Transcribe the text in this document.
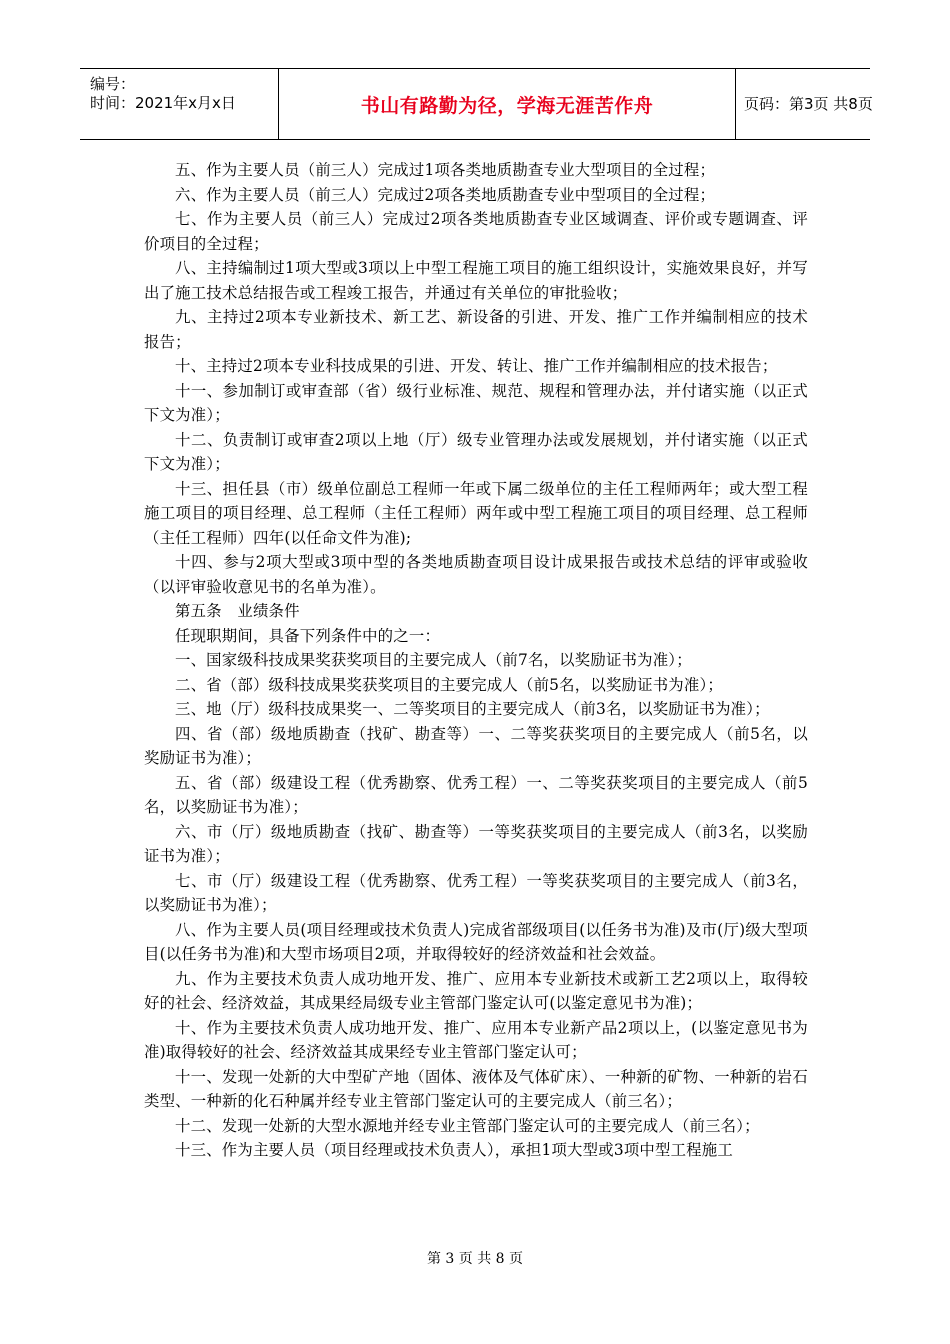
编号：
时间：2021年x月x日	书山有路勤为径，学海无涯苦作舟	页码：第3页 共8页

五、作为主要人员（前三人）完成过1项各类地质勘查专业大型项目的全过程；

六、作为主要人员（前三人）完成过2项各类地质勘查专业中型项目的全过程；

七、作为主要人员（前三人）完成过2项各类地质勘查专业区域调查、评价或专题调查、评价项目的全过程；

八、主持编制过1项大型或3项以上中型工程施工项目的施工组织设计，实施效果良好，并写出了施工技术总结报告或工程竣工报告，并通过有关单位的审批验收；

九、主持过2项本专业新技术、新工艺、新设备的引进、开发、推广工作并编制相应的技术报告；

十、主持过2项本专业科技成果的引进、开发、转让、推广工作并编制相应的技术报告；

十一、参加制订或审查部（省）级行业标准、规范、规程和管理办法，并付诸实施（以正式下文为准）；

十二、负责制订或审查2项以上地（厅）级专业管理办法或发展规划，并付诸实施（以正式下文为准）；

十三、担任县（市）级单位副总工程师一年或下属二级单位的主任工程师两年；或大型工程施工项目的项目经理、总工程师（主任工程师）两年或中型工程施工项目的项目经理、总工程师（主任工程师）四年(以任命文件为准);

十四、参与2项大型或3项中型的各类地质勘查项目设计成果报告或技术总结的评审或验收（以评审验收意见书的名单为准）。

第五条　业绩条件

任现职期间，具备下列条件中的之一：

一、国家级科技成果奖获奖项目的主要完成人（前7名，以奖励证书为准）；

二、省（部）级科技成果奖获奖项目的主要完成人（前5名，以奖励证书为准）；

三、地（厅）级科技成果奖一、二等奖项目的主要完成人（前3名，以奖励证书为准）；

四、省（部）级地质勘查（找矿、勘查等）一、二等奖获奖项目的主要完成人（前5名，以奖励证书为准）；

五、省（部）级建设工程（优秀勘察、优秀工程）一、二等奖获奖项目的主要完成人（前5名，以奖励证书为准）；

六、市（厅）级地质勘查（找矿、勘查等）一等奖获奖项目的主要完成人（前3名，以奖励证书为准）；

七、市（厅）级建设工程（优秀勘察、优秀工程）一等奖获奖项目的主要完成人（前3名，以奖励证书为准）；

八、作为主要人员(项目经理或技术负责人)完成省部级项目(以任务书为准)及市(厅)级大型项目(以任务书为准)和大型市场项目2项，并取得较好的经济效益和社会效益。

九、作为主要技术负责人成功地开发、推广、应用本专业新技术或新工艺2项以上，取得较好的社会、经济效益，其成果经局级专业主管部门鉴定认可(以鉴定意见书为准)；

十、作为主要技术负责人成功地开发、推广、应用本专业新产品2项以上，(以鉴定意见书为准)取得较好的社会、经济效益其成果经专业主管部门鉴定认可；

十一、发现一处新的大中型矿产地（固体、液体及气体矿床）、一种新的矿物、一种新的岩石类型、一种新的化石种属并经专业主管部门鉴定认可的主要完成人（前三名）；

十二、发现一处新的大型水源地并经专业主管部门鉴定认可的主要完成人（前三名）；

十三、作为主要人员（项目经理或技术负责人），承担1项大型或3项中型工程施工

第 3 页 共 8 页
